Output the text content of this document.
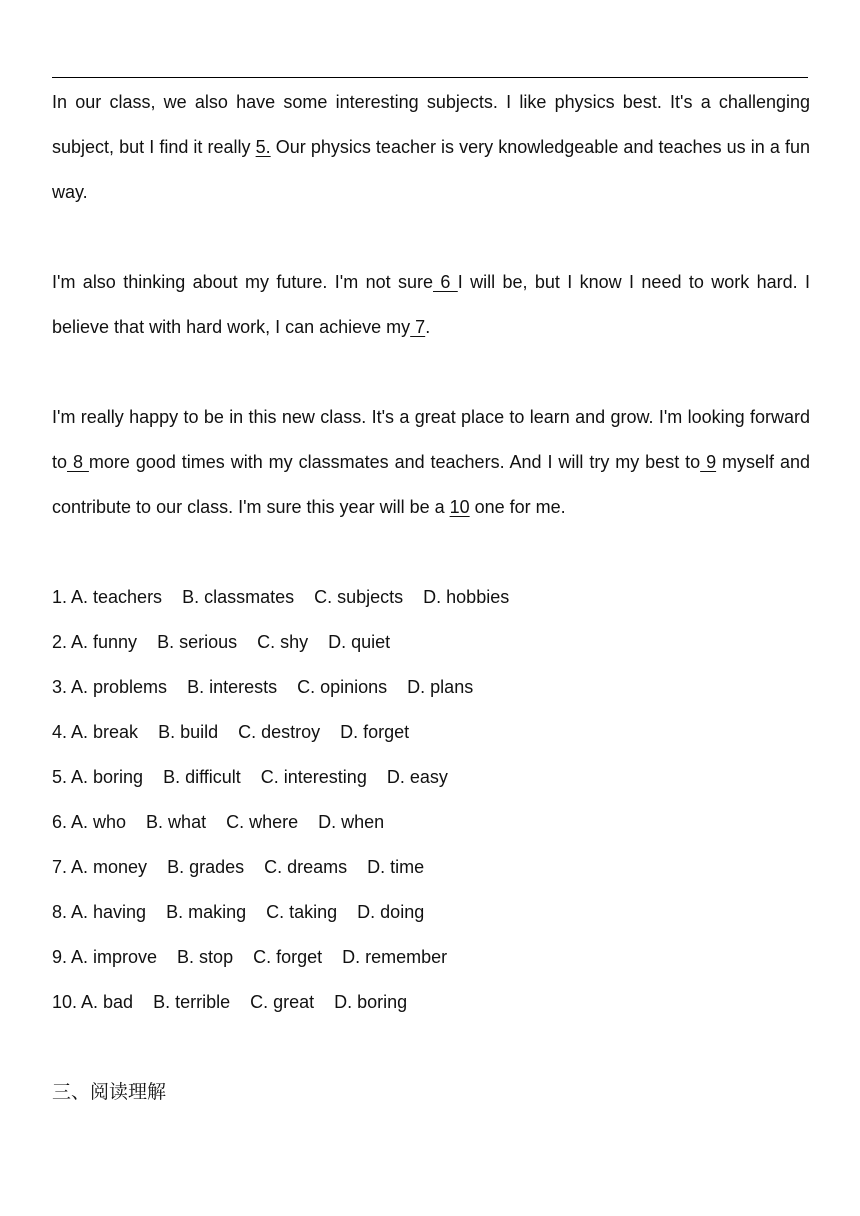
In our class, we also have some interesting subjects. I like physics best. It's a challenging subject, but I find it really 5. Our physics teacher is very knowledgeable and teaches us in a fun way.

I'm also thinking about my future. I'm not sure 6 I will be, but I know I need to work hard. I believe that with hard work, I can achieve my 7.

I'm really happy to be in this new class. It's a great place to learn and grow. I'm looking forward to 8 more good times with my classmates and teachers. And I will try my best to 9 myself and contribute to our class. I'm sure this year will be a 10 one for me.

1. A. teachers B. classmates C. subjects D. hobbies
2. A. funny B. serious C. shy D. quiet
3. A. problems B. interests C. opinions D. plans
4. A. break B. build C. destroy D. forget
5. A. boring B. difficult C. interesting D. easy
6. A. who B. what C. where D. when
7. A. money B. grades C. dreams D. time
8. A. having B. making C. taking D. doing
9. A. improve B. stop C. forget D. remember
10. A. bad B. terrible C. great D. boring
三、阅读理解
